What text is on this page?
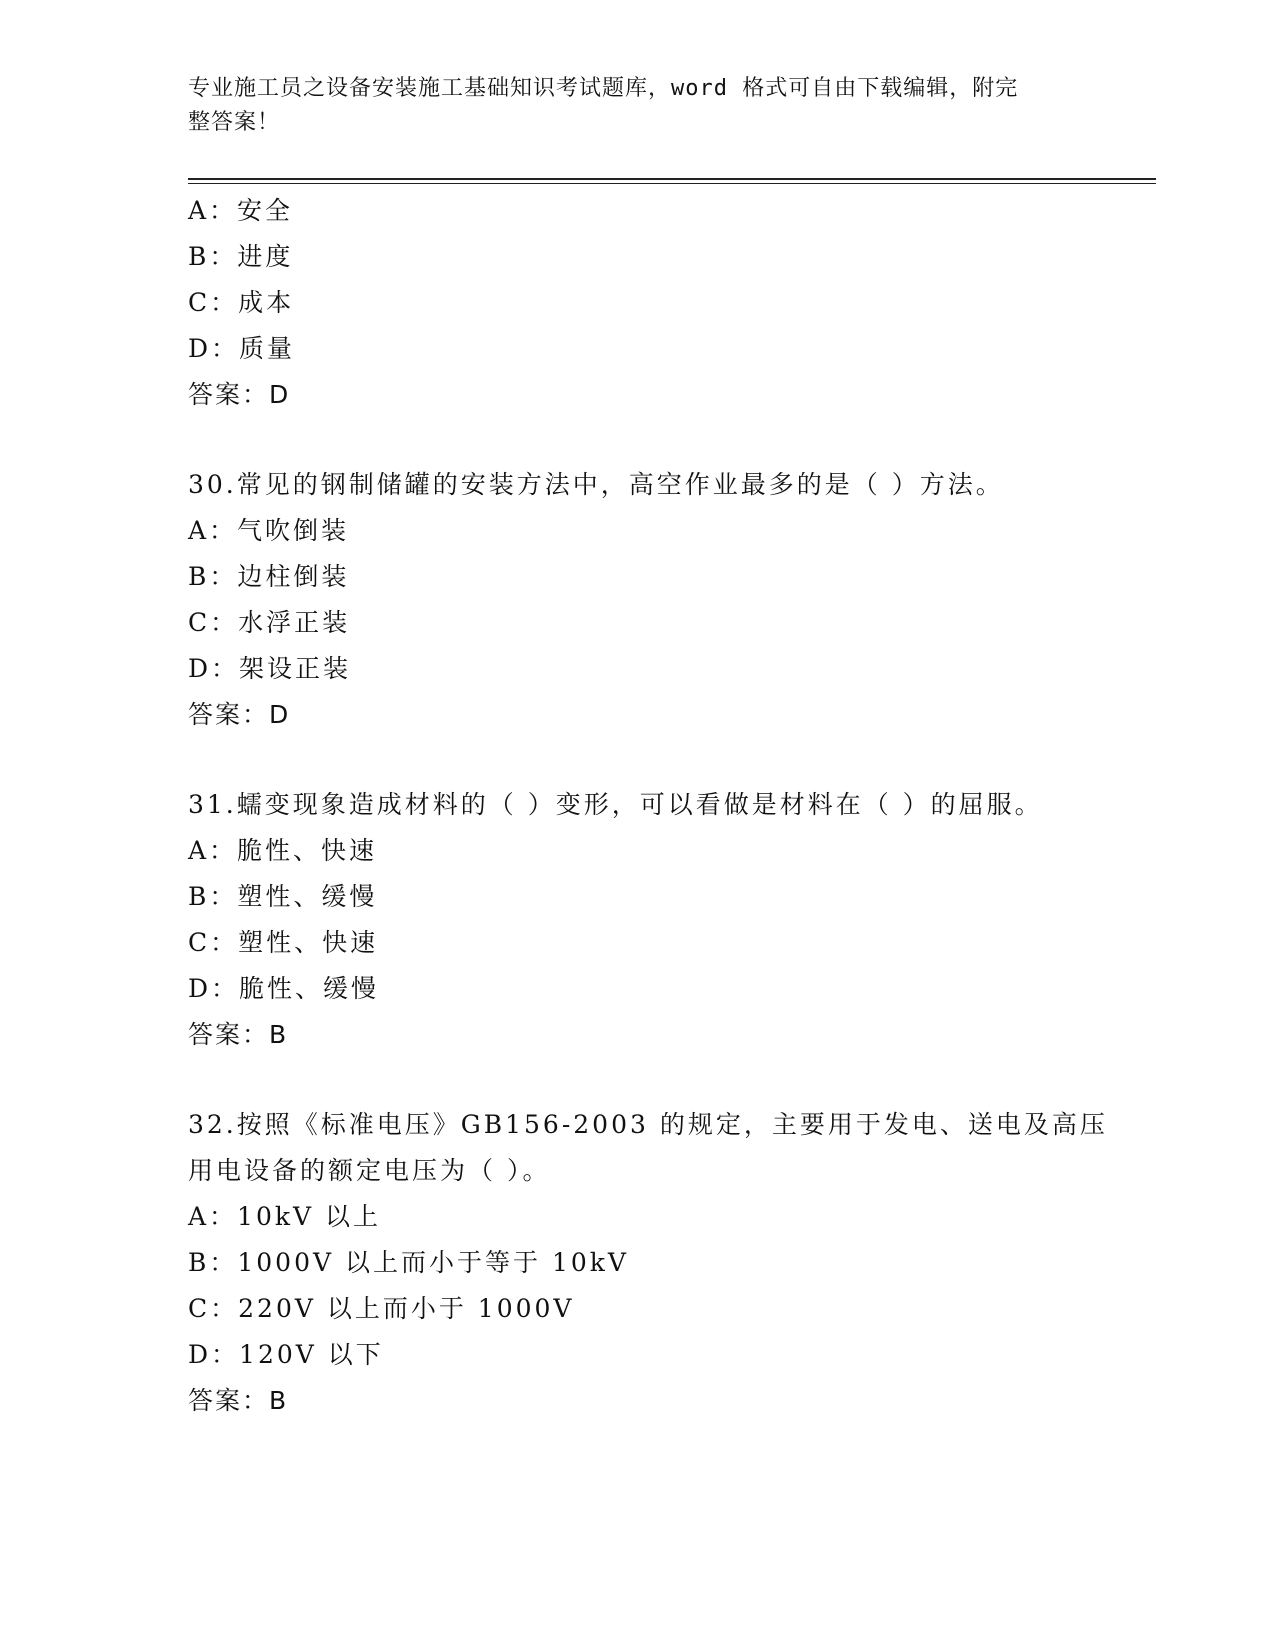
专业施工员之设备安装施工基础知识考试题库，word 格式可自由下载编辑，附完
整答案！
A：安全
B：进度
C：成本
D：质量
答案：D
30.常见的钢制储罐的安装方法中，高空作业最多的是（ ）方法。
A：气吹倒装
B：边柱倒装
C：水浮正装
D：架设正装
答案：D
31.蠕变现象造成材料的（ ）变形，可以看做是材料在（ ）的屈服。
A：脆性、快速
B：塑性、缓慢
C：塑性、快速
D：脆性、缓慢
答案：B
32.按照《标准电压》GB156-2003 的规定，主要用于发电、送电及高压
用电设备的额定电压为（ ）。
A：10kV 以上
B：1000V 以上而小于等于 10kV
C：220V 以上而小于 1000V
D：120V 以下
答案：B
